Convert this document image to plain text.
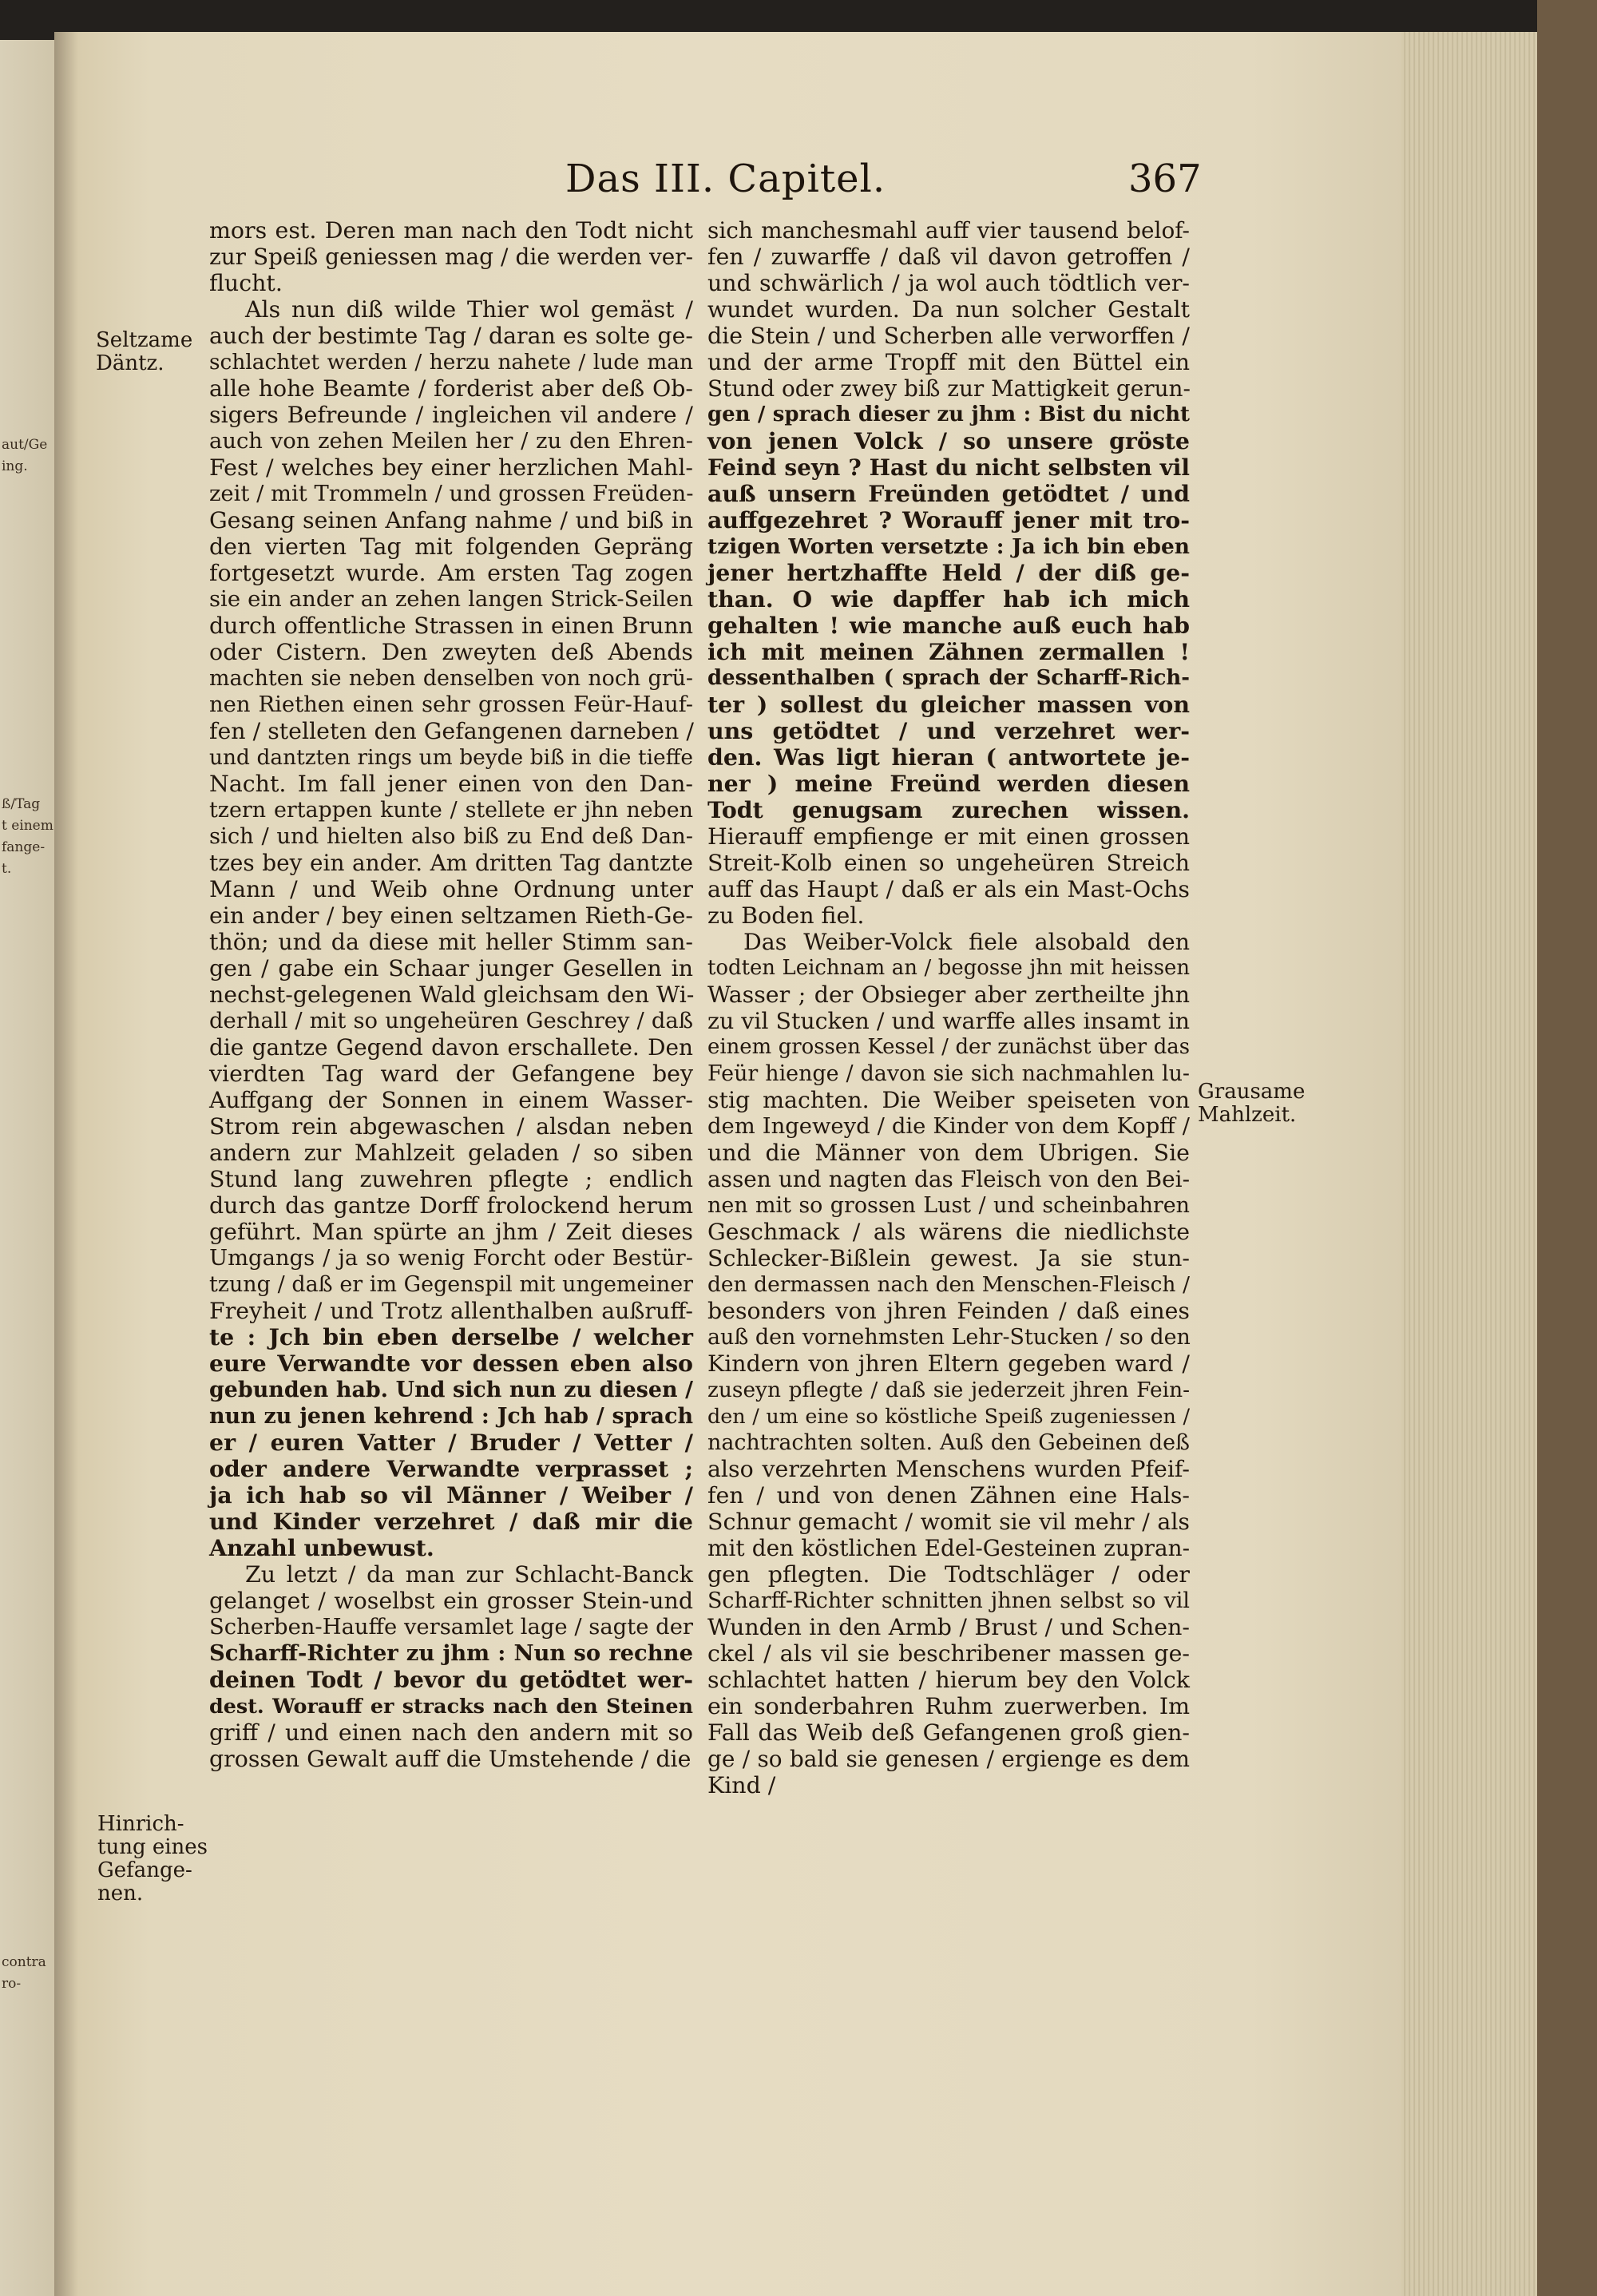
aut/Ge
ing.
ß/Tag
t einem
fange-
t.
contra
ro-
Das III. Capitel.	367
mors est. Deren man nach den Todt nicht
zur Speiß geniessen mag / die werden ver-
flucht.
Als nun diß wilde Thier wol gemäst /
auch der bestimte Tag / daran es solte ge-
schlachtet werden / herzu nahete / lude man
alle hohe Beamte / forderist aber deß Ob-
sigers Befreunde / ingleichen vil andere /
auch von zehen Meilen her / zu den Ehren-
Fest / welches bey einer herzlichen Mahl-
zeit / mit Trommeln / und grossen Freüden-
Gesang seinen Anfang nahme / und biß in
den vierten Tag mit folgenden Gepräng
fortgesetzt wurde. Am ersten Tag zogen
sie ein ander an zehen langen Strick-Seilen
durch offentliche Strassen in einen Brunn
oder Cistern. Den zweyten deß Abends
machten sie neben denselben von noch grü-
nen Riethen einen sehr grossen Feür-Hauf-
fen / stelleten den Gefangenen darneben /
und dantzten rings um beyde biß in die tieffe
Nacht. Im fall jener einen von den Dan-
tzern ertappen kunte / stellete er jhn neben
sich / und hielten also biß zu End deß Dan-
tzes bey ein ander. Am dritten Tag dantzte
Mann / und Weib ohne Ordnung unter
ein ander / bey einen seltzamen Rieth-Ge-
thön; und da diese mit heller Stimm san-
gen / gabe ein Schaar junger Gesellen in
nechst-gelegenen Wald gleichsam den Wi-
derhall / mit so ungeheüren Geschrey / daß
die gantze Gegend davon erschallete. Den
vierdten Tag ward der Gefangene bey
Auffgang der Sonnen in einem Wasser-
Strom rein abgewaschen / alsdan neben
andern zur Mahlzeit geladen / so siben
Stund lang zuwehren pflegte ; endlich
durch das gantze Dorff frolockend herum
geführt. Man spürte an jhm / Zeit dieses
Umgangs / ja so wenig Forcht oder Bestür-
tzung / daß er im Gegenspil mit ungemeiner
Freyheit / und Trotz allenthalben außruff-
te : Jch bin eben derselbe / welcher
eure Verwandte vor dessen eben also
gebunden hab. Und sich nun zu diesen /
nun zu jenen kehrend : Jch hab / sprach
er / euren Vatter / Bruder / Vetter /
oder andere Verwandte verprasset ;
ja ich hab so vil Männer / Weiber /
und Kinder verzehret / daß mir die
Anzahl unbewust.
Zu letzt / da man zur Schlacht-Banck
gelanget / woselbst ein grosser Stein-und
Scherben-Hauffe versamlet lage / sagte der
Scharff-Richter zu jhm : Nun so rechne
deinen Todt / bevor du getödtet wer-
dest. Worauff er stracks nach den Steinen
griff / und einen nach den andern mit so
grossen Gewalt auff die Umstehende / die
sich manchesmahl auff vier tausend belof-
fen / zuwarffe / daß vil davon getroffen /
und schwärlich / ja wol auch tödtlich ver-
wundet wurden. Da nun solcher Gestalt
die Stein / und Scherben alle verworffen /
und der arme Tropff mit den Büttel ein
Stund oder zwey biß zur Mattigkeit gerun-
gen / sprach dieser zu jhm : Bist du nicht
von jenen Volck / so unsere gröste
Feind seyn ? Hast du nicht selbsten vil
auß unsern Freünden getödtet / und
auffgezehret ? Worauff jener mit tro-
tzigen Worten versetzte : Ja ich bin eben
jener hertzhaffte Held / der diß ge-
than. O wie dapffer hab ich mich
gehalten ! wie manche auß euch hab
ich mit meinen Zähnen zermallen !
dessenthalben ( sprach der Scharff-Rich-
ter ) sollest du gleicher massen von
uns getödtet / und verzehret wer-
den. Was ligt hieran ( antwortete je-
ner ) meine Freünd werden diesen
Todt genugsam zurechen wissen.
Hierauff empfienge er mit einen grossen
Streit-Kolb einen so ungeheüren Streich
auff das Haupt / daß er als ein Mast-Ochs
zu Boden fiel.
Das Weiber-Volck fiele alsobald den
todten Leichnam an / begosse jhn mit heissen
Wasser ; der Obsieger aber zertheilte jhn
zu vil Stucken / und warffe alles insamt in
einem grossen Kessel / der zunächst über das
Feür hienge / davon sie sich nachmahlen lu-
stig machten. Die Weiber speiseten von
dem Ingeweyd / die Kinder von dem Kopff /
und die Männer von dem Ubrigen. Sie
assen und nagten das Fleisch von den Bei-
nen mit so grossen Lust / und scheinbahren
Geschmack / als wärens die niedlichste
Schlecker-Bißlein gewest. Ja sie stun-
den dermassen nach den Menschen-Fleisch /
besonders von jhren Feinden / daß eines
auß den vornehmsten Lehr-Stucken / so den
Kindern von jhren Eltern gegeben ward /
zuseyn pflegte / daß sie jederzeit jhren Fein-
den / um eine so köstliche Speiß zugeniessen /
nachtrachten solten. Auß den Gebeinen deß
also verzehrten Menschens wurden Pfeif-
fen / und von denen Zähnen eine Hals-
Schnur gemacht / womit sie vil mehr / als
mit den köstlichen Edel-Gesteinen zupran-
gen pflegten. Die Todtschläger / oder
Scharff-Richter schnitten jhnen selbst so vil
Wunden in den Armb / Brust / und Schen-
ckel / als vil sie beschribener massen ge-
schlachtet hatten / hierum bey den Volck
ein sonderbahren Ruhm zuerwerben. Im
Fall das Weib deß Gefangenen groß gien-
ge / so bald sie genesen / ergienge es dem
Kind /
Seltzame
Däntz.
Grausame
Mahlzeit.
Hinrich-
tung eines
Gefange-
nen.
